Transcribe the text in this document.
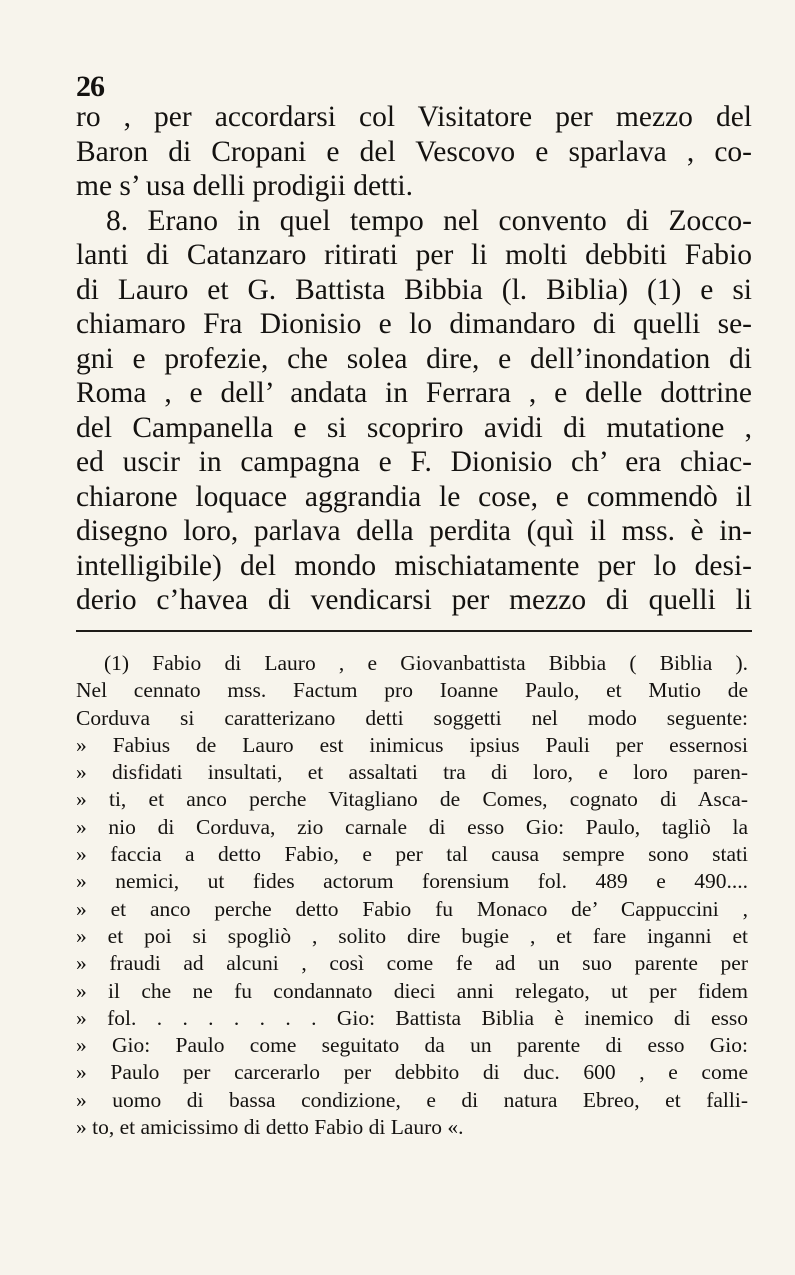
26
ro , per accordarsi col Visitatore per mezzo del
Baron di Cropani e del Vescovo e sparlava , co-
me s’ usa delli prodigii detti.
8. Erano in quel tempo nel convento di Zocco-
lanti di Catanzaro ritirati per li molti debbiti Fabio
di Lauro et G. Battista Bibbia (l. Biblia) (1) e si
chiamaro Fra Dionisio e lo dimandaro di quelli se-
gni e profezie, che solea dire, e dell’inondation di
Roma , e dell’ andata in Ferrara , e delle dottrine
del Campanella e si scopriro avidi di mutatione ,
ed uscir in campagna e F. Dionisio ch’ era chiac-
chiarone loquace aggrandia le cose, e commendò il
disegno loro, parlava della perdita (quì il mss. è in-
intelligibile) del mondo mischiatamente per lo desi-
derio c’havea di vendicarsi per mezzo di quelli li
(1) Fabio di Lauro , e Giovanbattista Bibbia ( Biblia ).
Nel cennato mss. Factum pro Ioanne Paulo, et Mutio de
Corduva si caratterizano detti soggetti nel modo seguente:
» Fabius de Lauro est inimicus ipsius Pauli per essernosi
» disfidati insultati, et assaltati tra di loro, e loro paren-
» ti, et anco perche Vitagliano de Comes, cognato di Asca-
» nio di Corduva, zio carnale di esso Gio: Paulo, tagliò la
» faccia a detto Fabio, e per tal causa sempre sono stati
» nemici, ut fides actorum forensium fol. 489 e 490....
» et anco perche detto Fabio fu Monaco de’ Cappuccini ,
» et poi si spogliò , solito dire bugie , et fare inganni et
» fraudi ad alcuni , così come fe ad un suo parente per
» il che ne fu condannato dieci anni relegato, ut per fidem
» fol. . . . . . . . Gio: Battista Biblia è inemico di esso
» Gio: Paulo come seguitato da un parente di esso Gio:
» Paulo per carcerarlo per debbito di duc. 600 , e come
» uomo di bassa condizione, e di natura Ebreo, et falli-
» to, et amicissimo di detto Fabio di Lauro «.
